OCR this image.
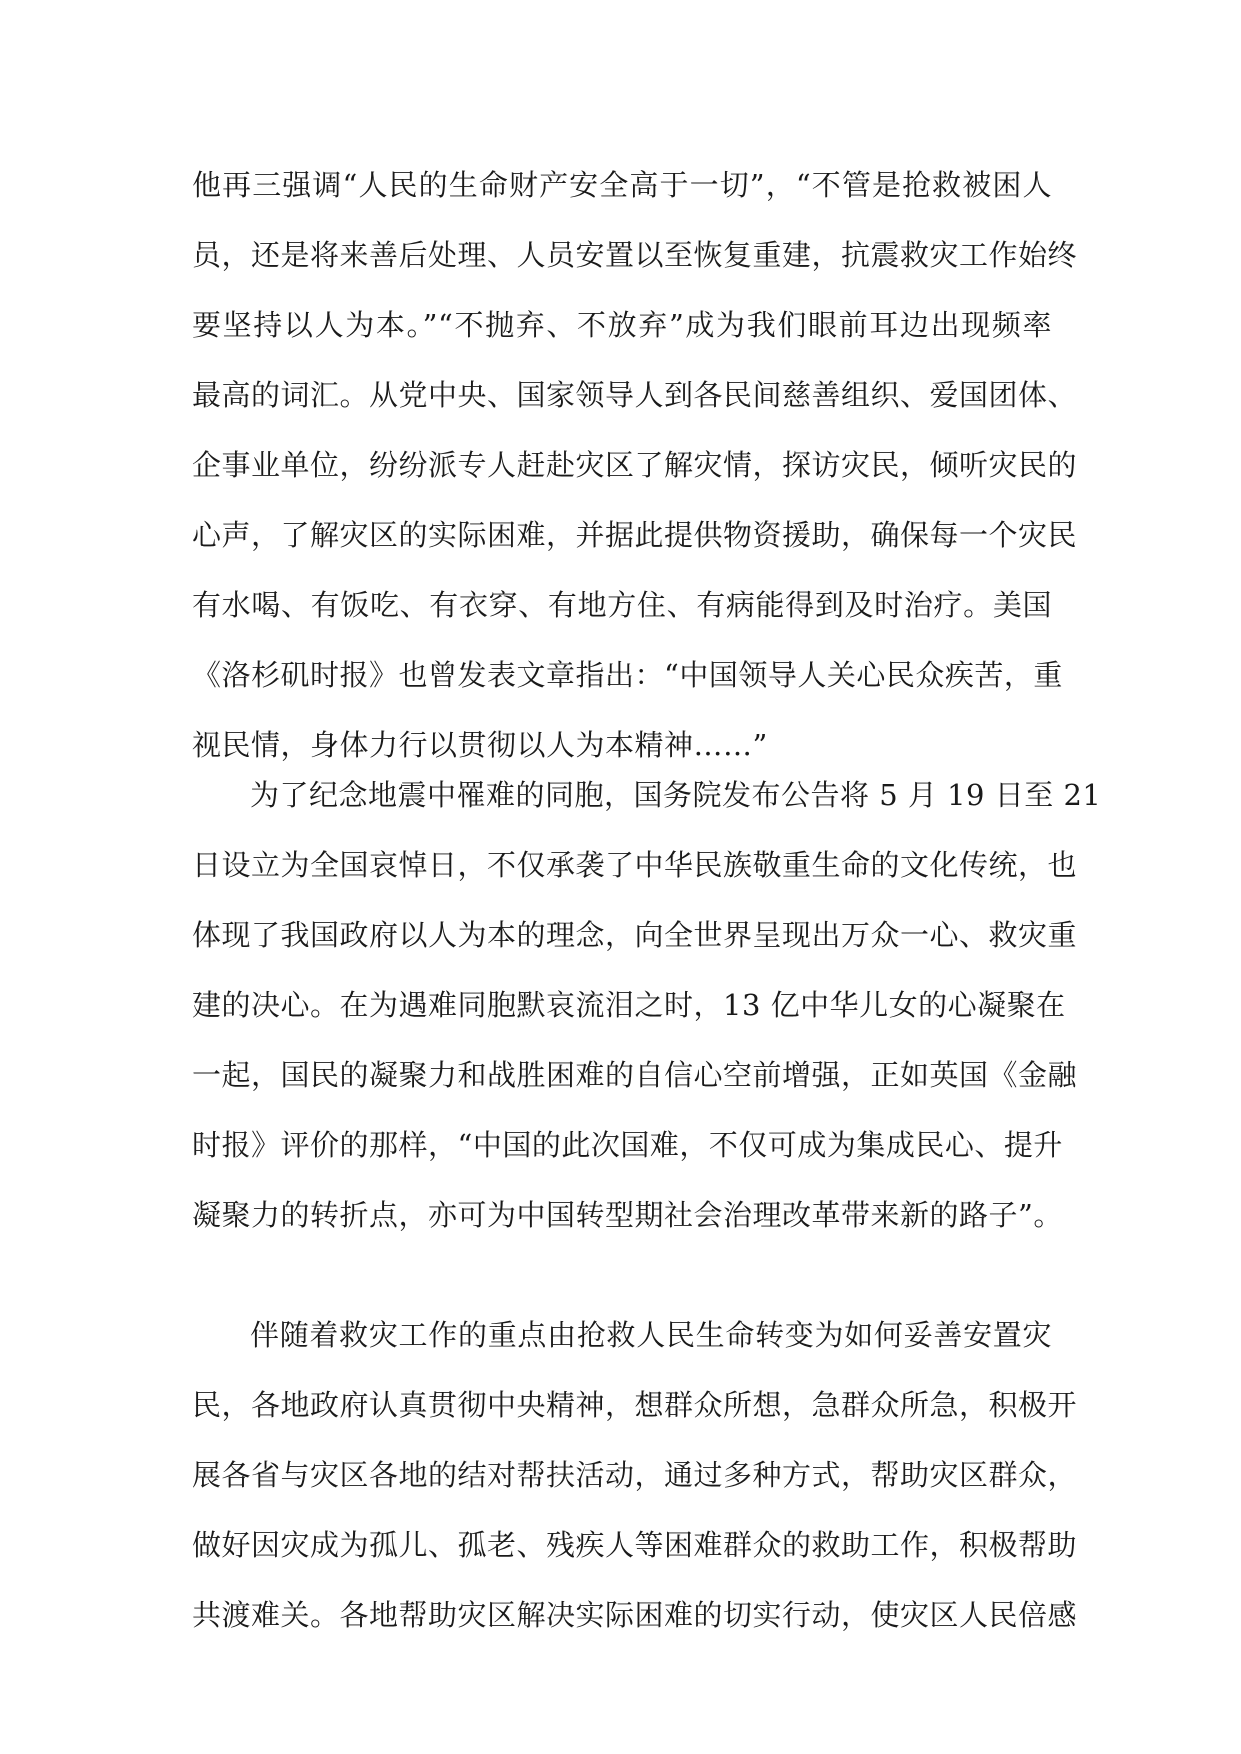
他再三强调“人民的生命财产安全高于一切”，“不管是抢救被困人
员，还是将来善后处理、人员安置以至恢复重建，抗震救灾工作始终
要坚持以人为本。”“不抛弃、不放弃”成为我们眼前耳边出现频率
最高的词汇。从党中央、国家领导人到各民间慈善组织、爱国团体、
企事业单位，纷纷派专人赶赴灾区了解灾情，探访灾民，倾听灾民的
心声，了解灾区的实际困难，并据此提供物资援助，确保每一个灾民
有水喝、有饭吃、有衣穿、有地方住、有病能得到及时治疗。美国
《洛杉矶时报》也曾发表文章指出：“中国领导人关心民众疾苦，重
视民情，身体力行以贯彻以人为本精神……”
为了纪念地震中罹难的同胞，国务院发布公告将 5 月 19 日至 21
日设立为全国哀悼日，不仅承袭了中华民族敬重生命的文化传统，也
体现了我国政府以人为本的理念，向全世界呈现出万众一心、救灾重
建的决心。在为遇难同胞默哀流泪之时，13 亿中华儿女的心凝聚在
一起，国民的凝聚力和战胜困难的自信心空前增强，正如英国《金融
时报》评价的那样，“中国的此次国难，不仅可成为集成民心、提升
凝聚力的转折点，亦可为中国转型期社会治理改革带来新的路子”。
伴随着救灾工作的重点由抢救人民生命转变为如何妥善安置灾
民，各地政府认真贯彻中央精神，想群众所想，急群众所急，积极开
展各省与灾区各地的结对帮扶活动，通过多种方式，帮助灾区群众，
做好因灾成为孤儿、孤老、残疾人等困难群众的救助工作，积极帮助
共渡难关。各地帮助灾区解决实际困难的切实行动，使灾区人民倍感
